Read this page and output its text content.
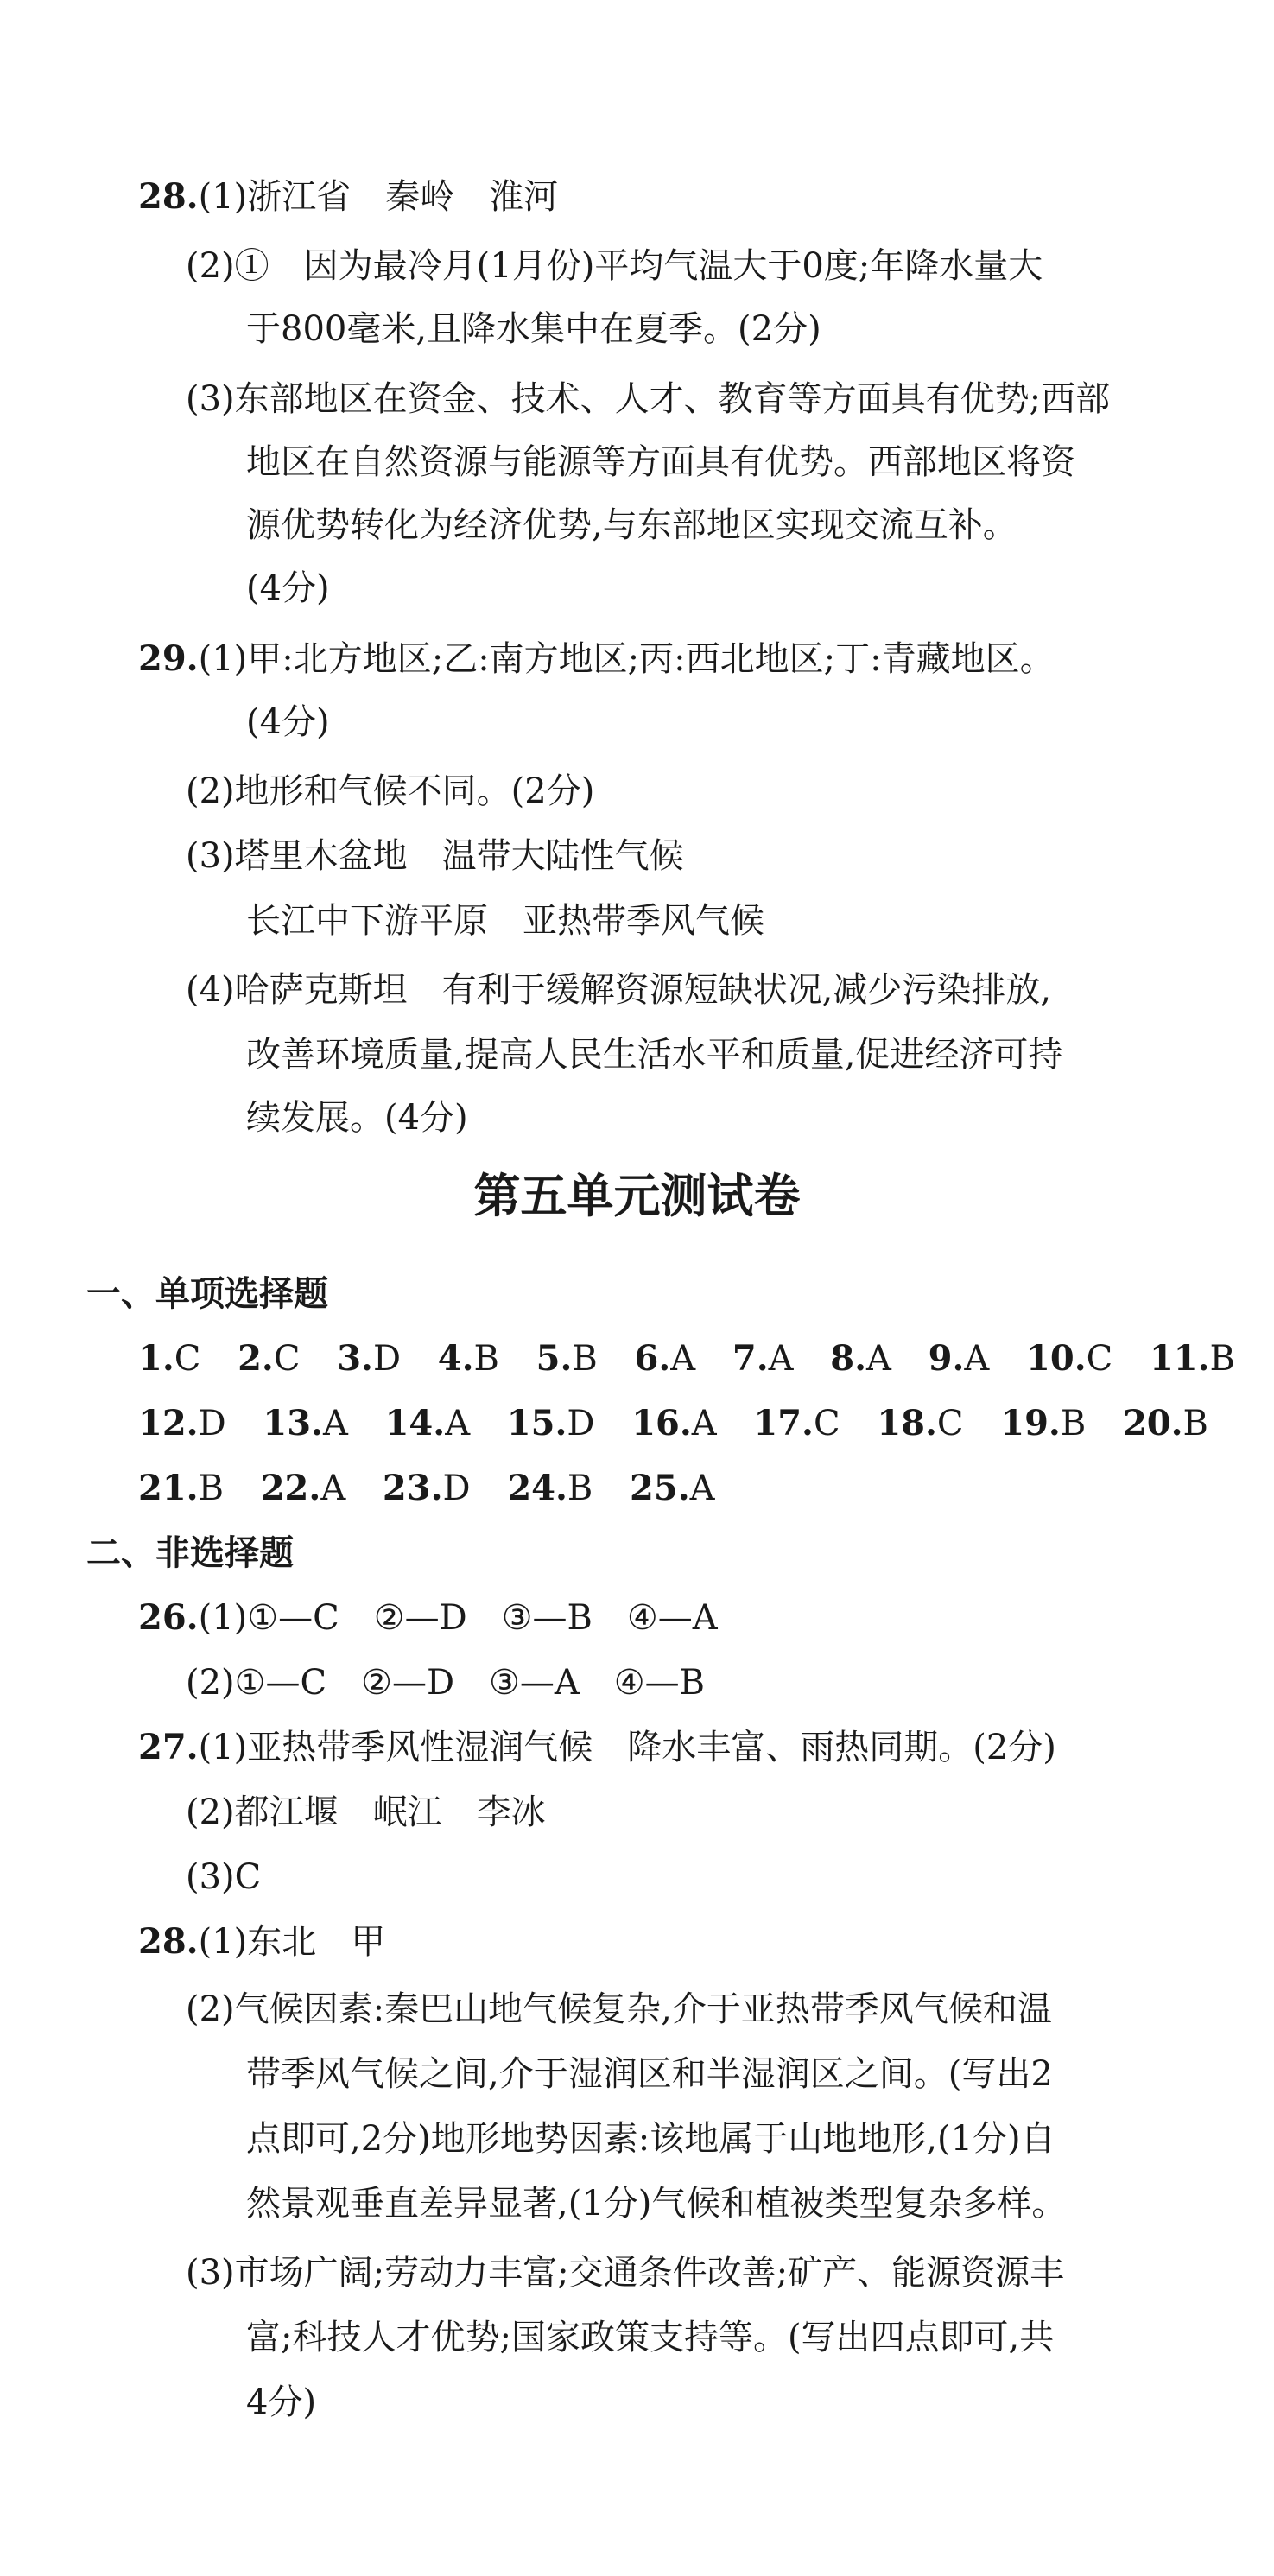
28.(1)浙江省　秦岭　淮河
(2)①　因为最冷月(1月份)平均气温大于0度;年降水量大
于800毫米,且降水集中在夏季。(2分)
(3)东部地区在资金、技术、人才、教育等方面具有优势;西部
地区在自然资源与能源等方面具有优势。西部地区将资
源优势转化为经济优势,与东部地区实现交流互补。
(4分)
29.(1)甲:北方地区;乙:南方地区;丙:西北地区;丁:青藏地区。
(4分)
(2)地形和气候不同。(2分)
(3)塔里木盆地　温带大陆性气候
长江中下游平原　亚热带季风气候
(4)哈萨克斯坦　有利于缓解资源短缺状况,减少污染排放,
改善环境质量,提高人民生活水平和质量,促进经济可持
续发展。(4分)
第五单元测试卷
一、单项选择题
1.C 2.C 3.D 4.B 5.B 6.A 7.A 8.A 9.A 10.C 11.B
12.D 13.A 14.A 15.D 16.A 17.C 18.C 19.B 20.B
21.B 22.A 23.D 24.B 25.A
二、非选择题
26.(1)①—C　②—D　③—B　④—A
(2)①—C　②—D　③—A　④—B
27.(1)亚热带季风性湿润气候　降水丰富、雨热同期。(2分)
(2)都江堰　岷江　李冰
(3)C
28.(1)东北　甲
(2)气候因素:秦巴山地气候复杂,介于亚热带季风气候和温
带季风气候之间,介于湿润区和半湿润区之间。(写出2
点即可,2分)地形地势因素:该地属于山地地形,(1分)自
然景观垂直差异显著,(1分)气候和植被类型复杂多样。
(3)市场广阔;劳动力丰富;交通条件改善;矿产、能源资源丰
富;科技人才优势;国家政策支持等。(写出四点即可,共
4分)
